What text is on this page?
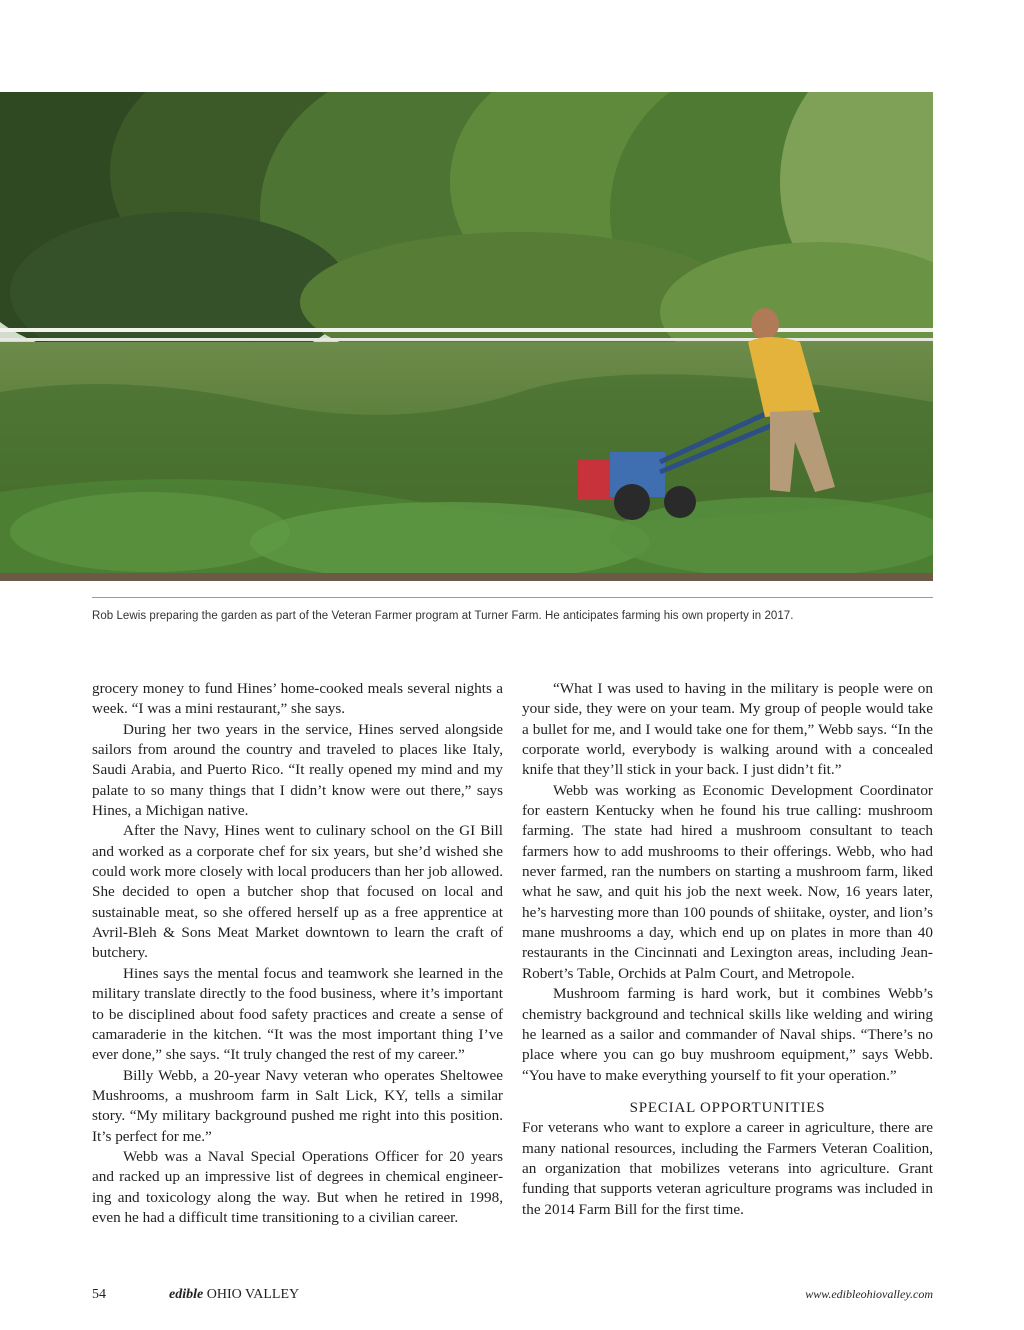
Rob Lewis preparing the garden as part of the Veteran Farmer program at Turner Farm. He anticipates farming his own property in 2017.

grocery money to fund Hines’ home-cooked meals several nights a week. “I was a mini restaurant,” she says.

During her two years in the service, Hines served alongside sailors from around the country and traveled to places like Italy, Saudi Arabia, and Puerto Rico. “It really opened my mind and my palate to so many things that I didn’t know were out there,” says Hines, a Michigan native.

After the Navy, Hines went to culinary school on the GI Bill and worked as a corporate chef for six years, but she’d wished she could work more closely with local producers than her job allowed. She decided to open a butcher shop that focused on local and sustainable meat, so she offered herself up as a free apprentice at Avril-Bleh & Sons Meat Market downtown to learn the craft of butchery.

Hines says the mental focus and teamwork she learned in the military translate directly to the food business, where it’s important to be disciplined about food safety practices and create a sense of camaraderie in the kitchen. “It was the most important thing I’ve ever done,” she says. “It truly changed the rest of my career.”

Billy Webb, a 20-year Navy veteran who operates Sheltowee Mushrooms, a mushroom farm in Salt Lick, KY, tells a similar story. “My military background pushed me right into this position. It’s perfect for me.”

Webb was a Naval Special Operations Officer for 20 years and racked up an impressive list of degrees in chemical engineering and toxicology along the way. But when he retired in 1998, even he had a difficult time transitioning to a civilian career.

“What I was used to having in the military is people were on your side, they were on your team. My group of people would take a bullet for me, and I would take one for them,” Webb says. “In the corporate world, everybody is walking around with a concealed knife that they’ll stick in your back. I just didn’t fit.”

Webb was working as Economic Development Coordinator for eastern Kentucky when he found his true calling: mushroom farming. The state had hired a mushroom consultant to teach farmers how to add mushrooms to their offerings. Webb, who had never farmed, ran the numbers on starting a mushroom farm, liked what he saw, and quit his job the next week. Now, 16 years later, he’s harvesting more than 100 pounds of shiitake, oyster, and lion’s mane mushrooms a day, which end up on plates in more than 40 restaurants in the Cincinnati and Lexington areas, including Jean-Robert’s Table, Orchids at Palm Court, and Metropole.

Mushroom farming is hard work, but it combines Webb’s chemistry background and technical skills like welding and wiring he learned as a sailor and commander of Naval ships. “There’s no place where you can go buy mushroom equipment,” says Webb. “You have to make everything yourself to fit your operation.”

SPECIAL OPPORTUNITIES

For veterans who want to explore a career in agriculture, there are many national resources, including the Farmers Veteran Coalition, an organization that mobilizes veterans into agriculture. Grant funding that supports veteran agriculture programs was included in the 2014 Farm Bill for the first time.

54	edible OHIO VALLEY	www.edibleohiovalley.com
